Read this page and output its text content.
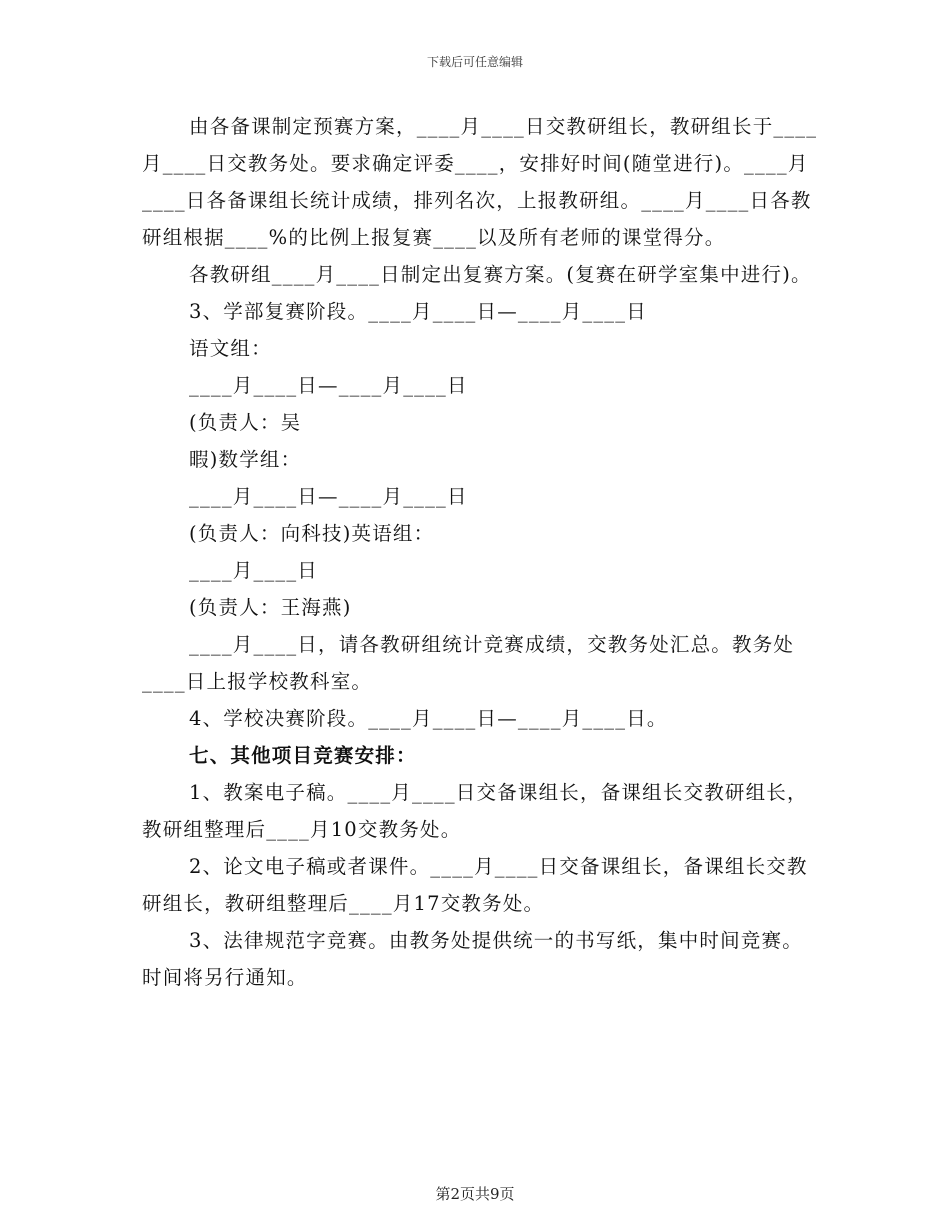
下载后可任意编辑

由各备课制定预赛方案，____月____日交教研组长，教研组长于____月____日交教务处。要求确定评委____，安排好时间(随堂进行)。____月____日各备课组长统计成绩，排列名次，上报教研组。____月____日各教研组根据____%的比例上报复赛____以及所有老师的课堂得分。

各教研组____月____日制定出复赛方案。(复赛在研学室集中进行)。

3、学部复赛阶段。____月____日—____月____日

语文组：

____月____日—____月____日

(负责人：吴

暇)数学组：

____月____日—____月____日

(负责人：向科技)英语组：

____月____日

(负责人：王海燕)

____月____日，请各教研组统计竞赛成绩，交教务处汇总。教务处____日上报学校教科室。

4、学校决赛阶段。____月____日—____月____日。

七、其他项目竞赛安排：

1、教案电子稿。____月____日交备课组长，备课组长交教研组长，教研组整理后____月10交教务处。

2、论文电子稿或者课件。____月____日交备课组长，备课组长交教研组长，教研组整理后____月17交教务处。

3、法律规范字竞赛。由教务处提供统一的书写纸，集中时间竞赛。时间将另行通知。

第2页共9页
